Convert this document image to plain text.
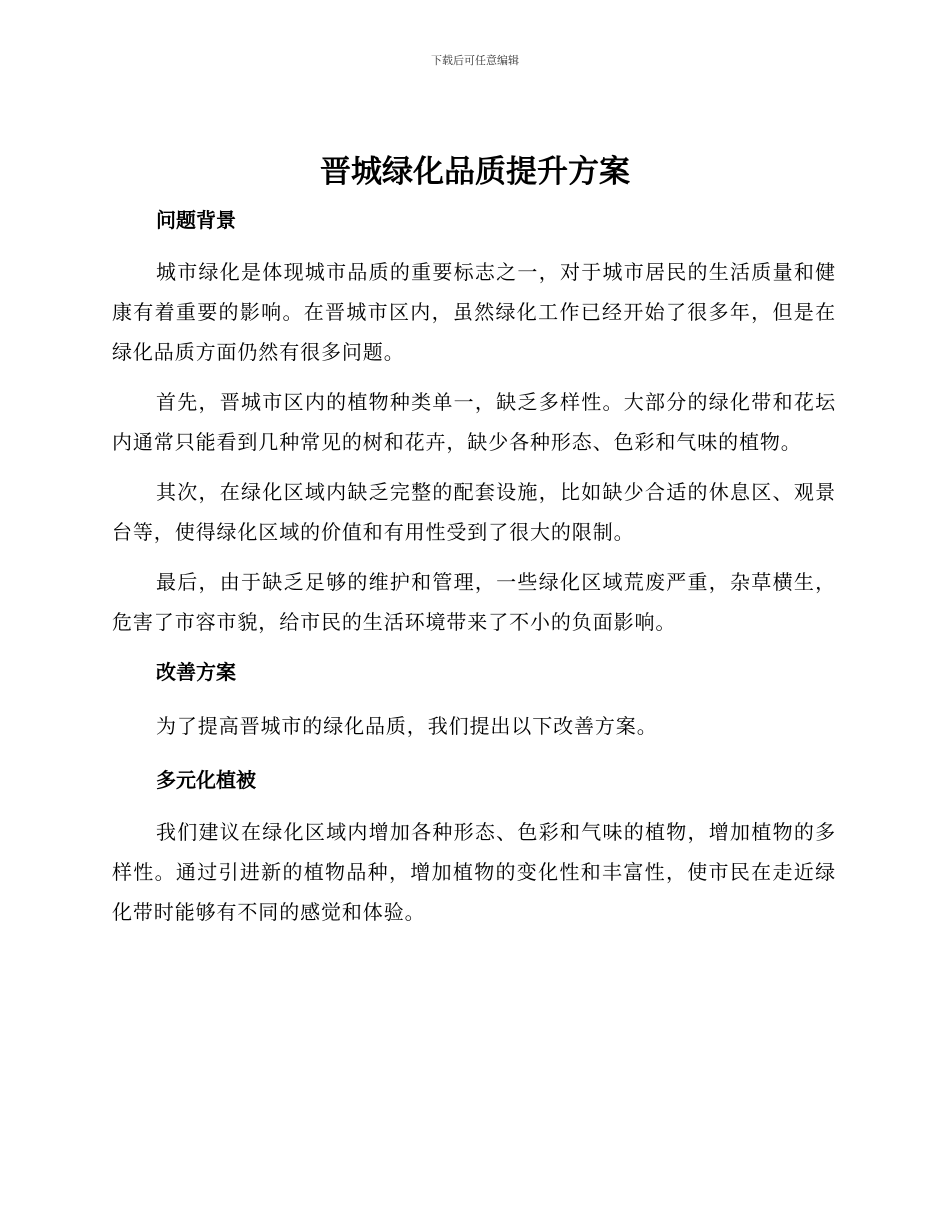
下载后可任意编辑
晋城绿化品质提升方案
问题背景

城市绿化是体现城市品质的重要标志之一，对于城市居民的生活质量和健康有着重要的影响。在晋城市区内，虽然绿化工作已经开始了很多年，但是在绿化品质方面仍然有很多问题。

首先，晋城市区内的植物种类单一，缺乏多样性。大部分的绿化带和花坛内通常只能看到几种常见的树和花卉，缺少各种形态、色彩和气味的植物。

其次，在绿化区域内缺乏完整的配套设施，比如缺少合适的休息区、观景台等，使得绿化区域的价值和有用性受到了很大的限制。

最后，由于缺乏足够的维护和管理，一些绿化区域荒废严重，杂草横生，危害了市容市貌，给市民的生活环境带来了不小的负面影响。

改善方案

为了提高晋城市的绿化品质，我们提出以下改善方案。

多元化植被

我们建议在绿化区域内增加各种形态、色彩和气味的植物，增加植物的多样性。通过引进新的植物品种，增加植物的变化性和丰富性，使市民在走近绿化带时能够有不同的感觉和体验。
